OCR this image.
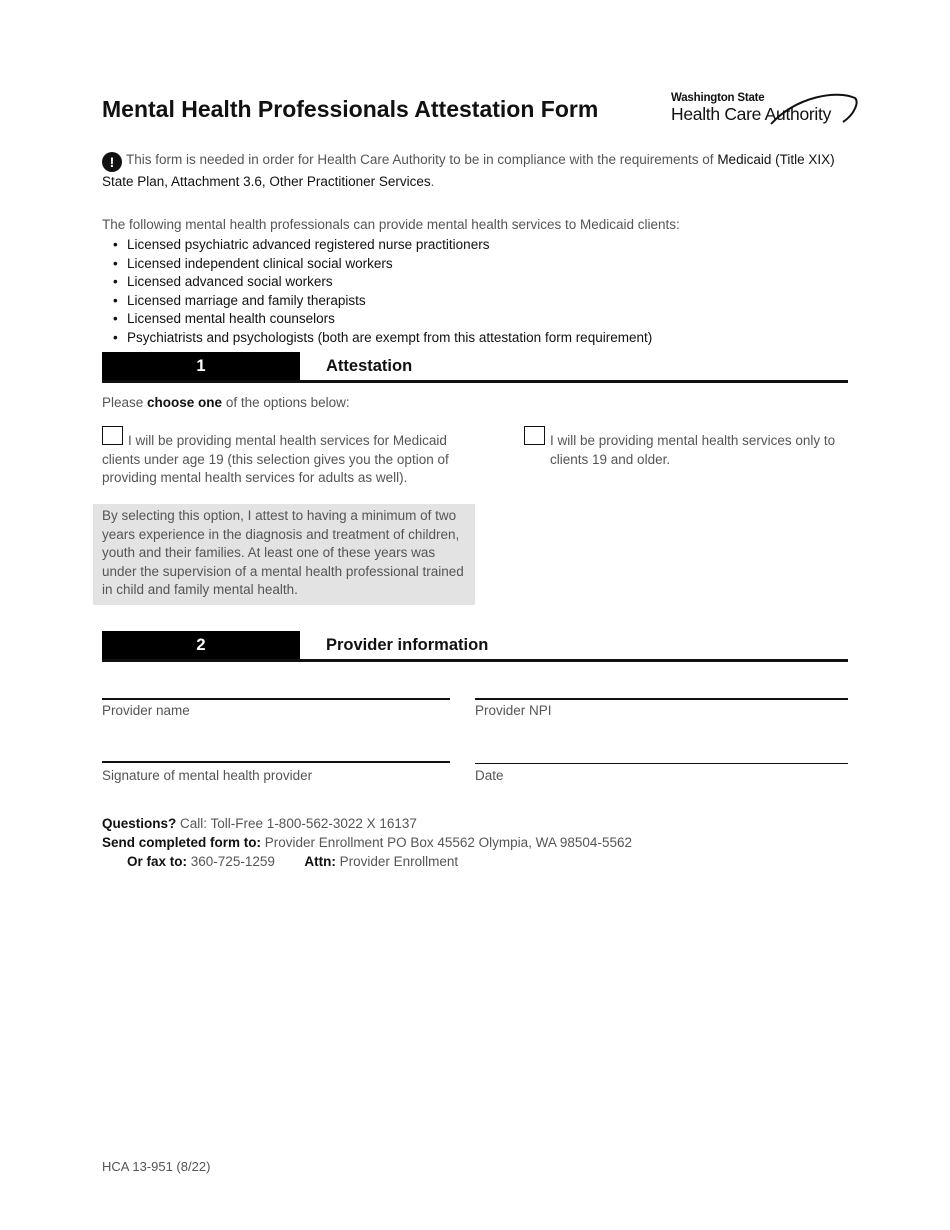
Mental Health Professionals Attestation Form	Washington State
Health Care Authority
! This form is needed in order for Health Care Authority to be in compliance with the requirements of Medicaid (Title XIX) State Plan, Attachment 3.6, Other Practitioner Services.
The following mental health professionals can provide mental health services to Medicaid clients:
• Licensed psychiatric advanced registered nurse practitioners
• Licensed independent clinical social workers
• Licensed advanced social workers
• Licensed marriage and family therapists
• Licensed mental health counselors
• Psychiatrists and psychologists (both are exempt from this attestation form requirement)
1	Attestation
Please choose one of the options below:
I will be providing mental health services for Medicaid clients under age 19 (this selection gives you the option of providing mental health services for adults as well).
I will be providing mental health services only to clients 19 and older.
By selecting this option, I attest to having a minimum of two years experience in the diagnosis and treatment of children, youth and their families. At least one of these years was under the supervision of a mental health professional trained in child and family mental health.
2	Provider information
Provider name	Provider NPI
Signature of mental health provider	Date
Questions? Call: Toll-Free 1-800-562-3022 X 16137
Send completed form to: Provider Enrollment PO Box 45562 Olympia, WA 98504-5562
Or fax to: 360-725-1259 Attn: Provider Enrollment
HCA 13-951 (8/22)
